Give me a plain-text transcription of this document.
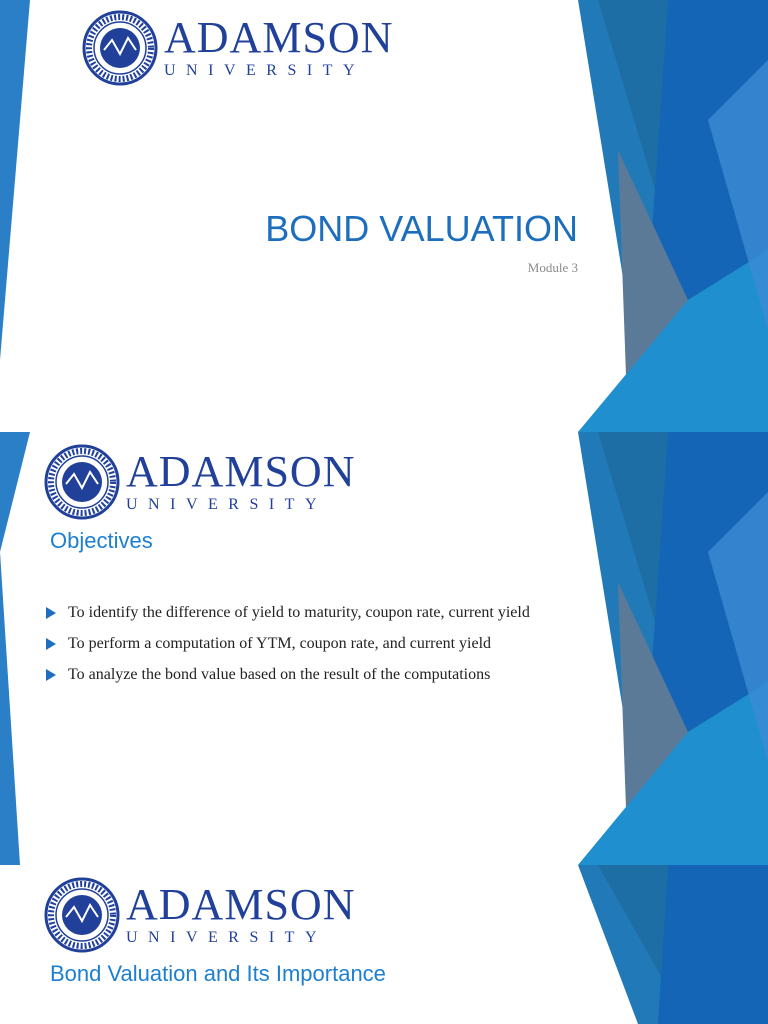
ADAMSON
UNIVERSITY
BOND VALUATION
Module 3
ADAMSON
UNIVERSITY
Objectives
To identify the difference of yield to maturity, coupon rate, current yield
To perform a computation of YTM, coupon rate, and current yield
To analyze the bond value based on the result of the computations
ADAMSON
UNIVERSITY
Bond Valuation and Its Importance
